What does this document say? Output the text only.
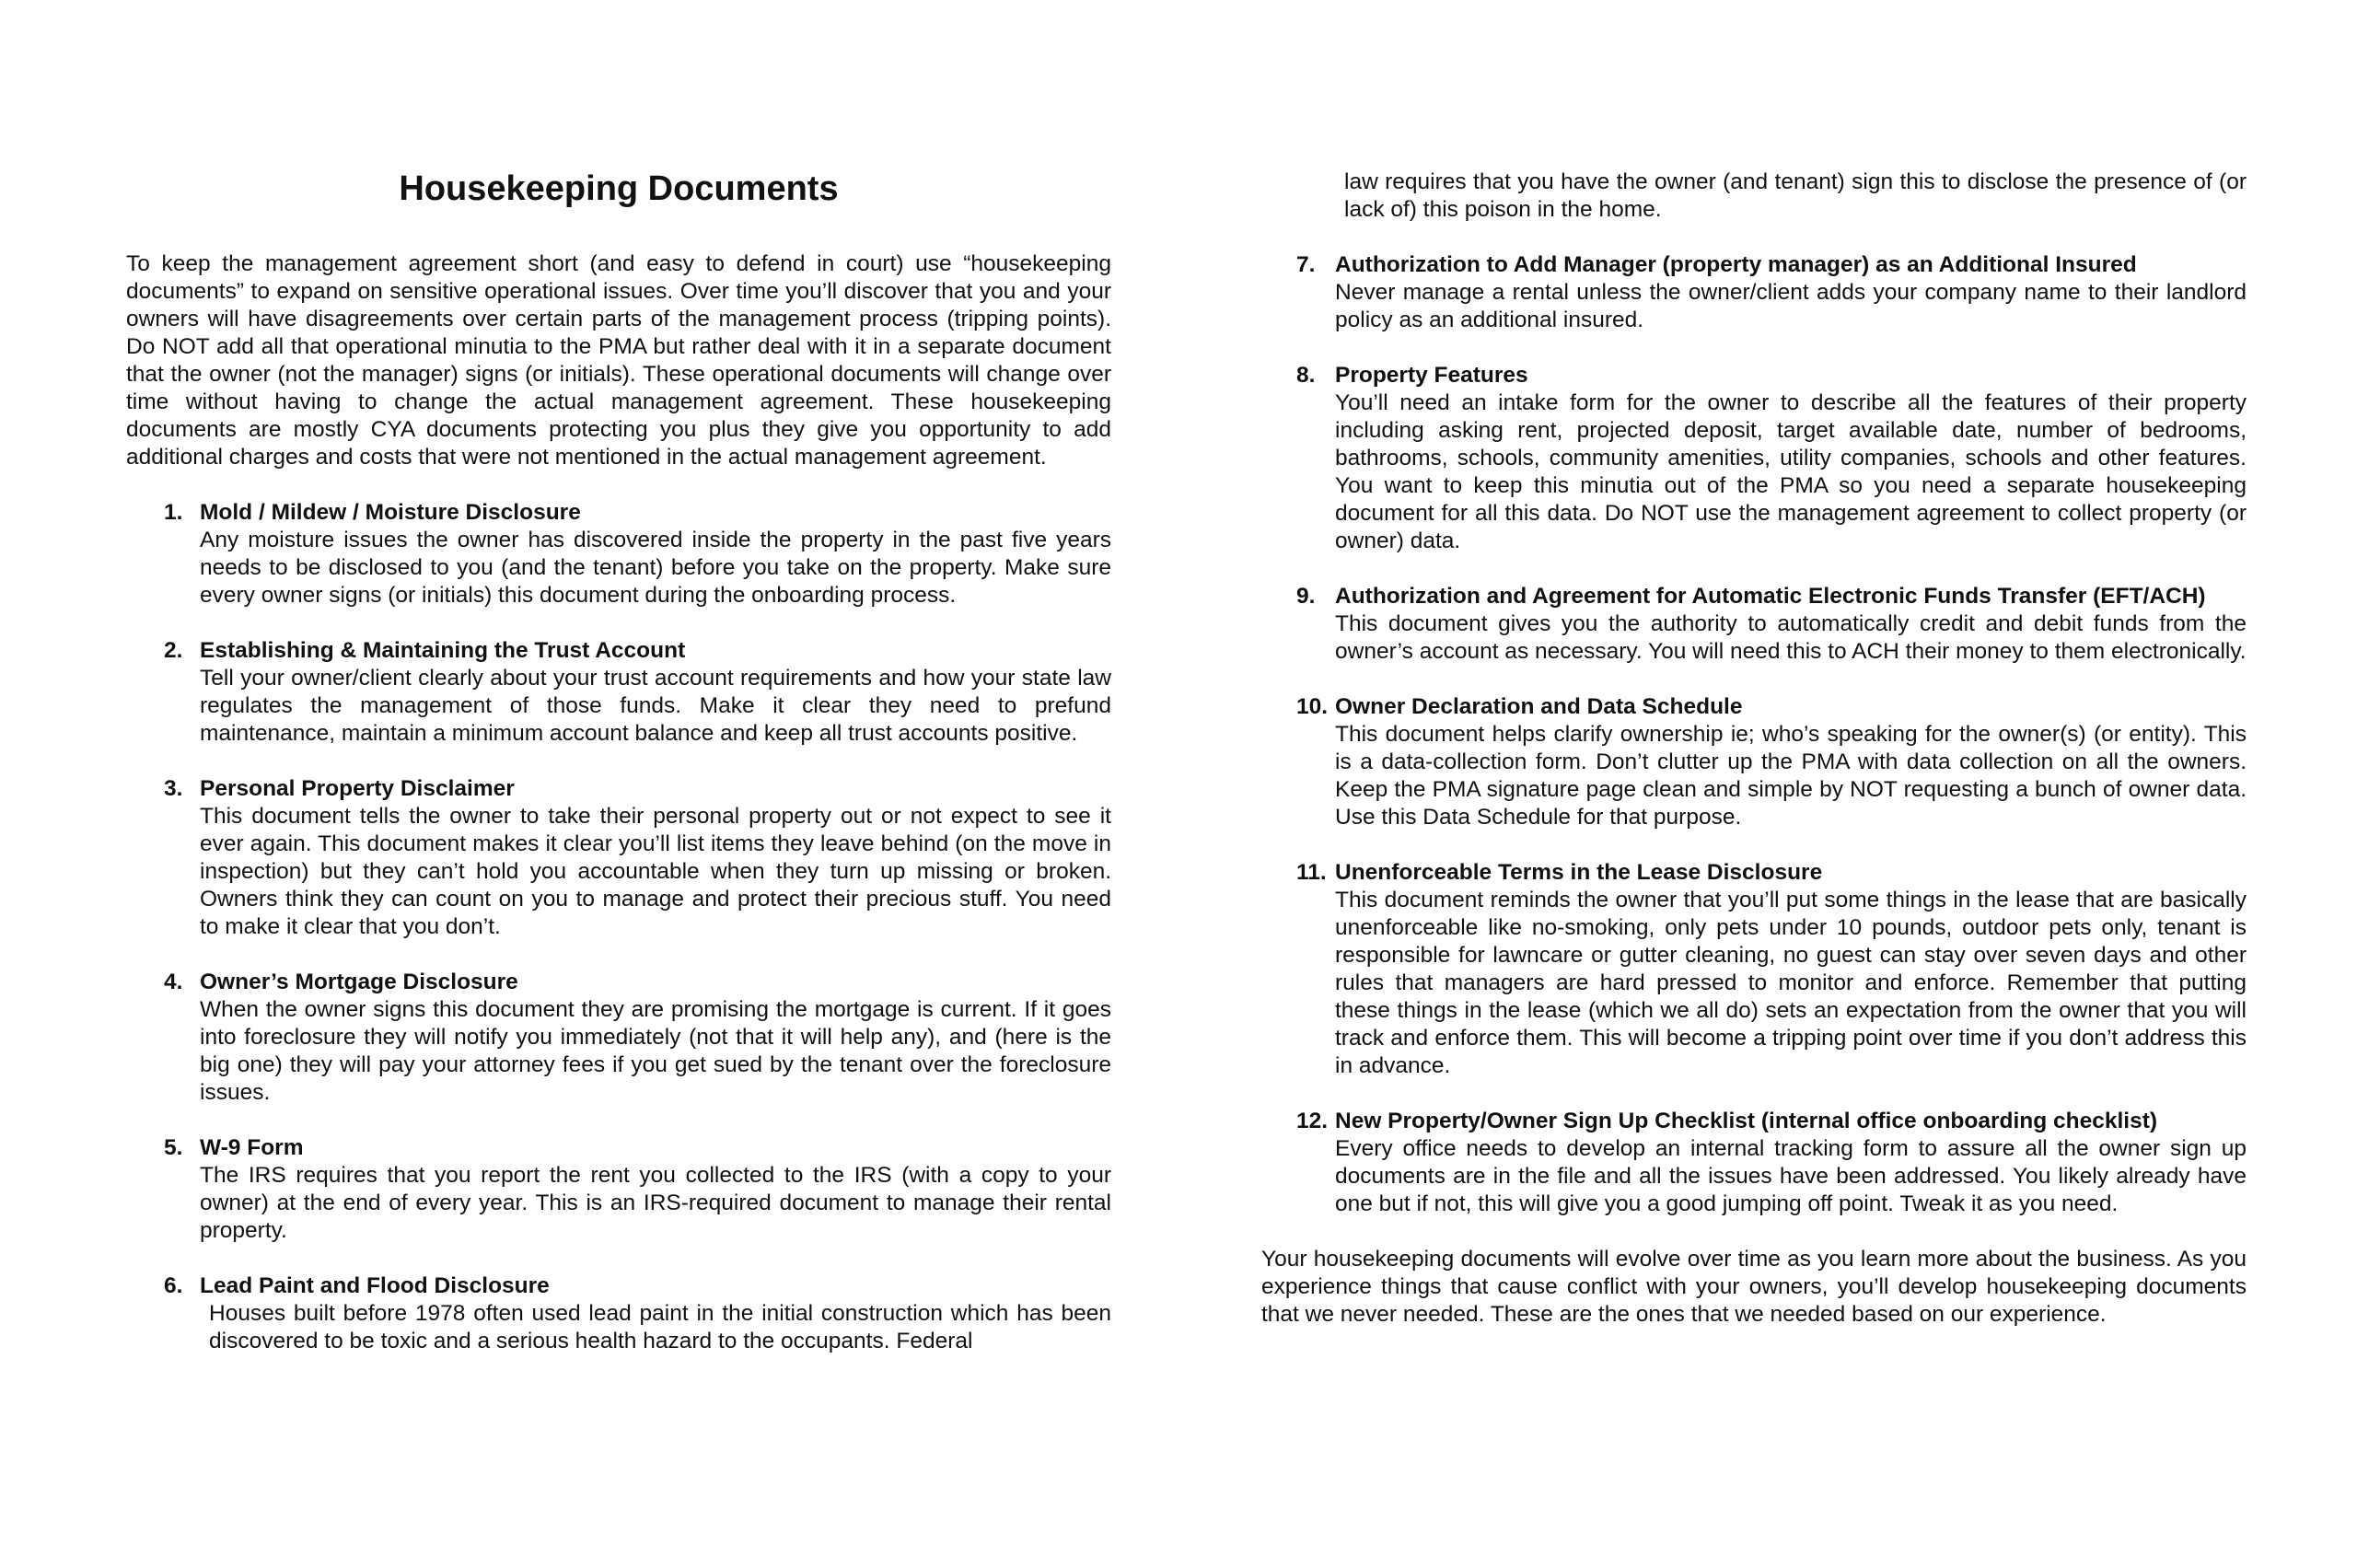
Housekeeping Documents

To keep the management agreement short (and easy to defend in court) use “housekeeping documents” to expand on sensitive operational issues. Over time you’ll discover that you and your owners will have disagreements over certain parts of the management process (tripping points). Do NOT add all that operational minutia to the PMA but rather deal with it in a separate document that the owner (not the manager) signs (or initials). These operational documents will change over time without having to change the actual management agreement. These housekeeping documents are mostly CYA documents protecting you plus they give you opportunity to add additional charges and costs that were not mentioned in the actual management agreement.

1. Mold / Mildew / Moisture Disclosure
Any moisture issues the owner has discovered inside the property in the past five years needs to be disclosed to you (and the tenant) before you take on the property. Make sure every owner signs (or initials) this document during the onboarding process.
2. Establishing & Maintaining the Trust Account
Tell your owner/client clearly about your trust account requirements and how your state law regulates the management of those funds. Make it clear they need to prefund maintenance, maintain a minimum account balance and keep all trust accounts positive.
3. Personal Property Disclaimer
This document tells the owner to take their personal property out or not expect to see it ever again. This document makes it clear you’ll list items they leave behind (on the move in inspection) but they can’t hold you accountable when they turn up missing or broken. Owners think they can count on you to manage and protect their precious stuff. You need to make it clear that you don’t.
4. Owner’s Mortgage Disclosure
When the owner signs this document they are promising the mortgage is current. If it goes into foreclosure they will notify you immediately (not that it will help any), and (here is the big one) they will pay your attorney fees if you get sued by the tenant over the foreclosure issues.
5. W-9 Form
The IRS requires that you report the rent you collected to the IRS (with a copy to your owner) at the end of every year. This is an IRS-required document to manage their rental property.
6. Lead Paint and Flood Disclosure
Houses built before 1978 often used lead paint in the initial construction which has been discovered to be toxic and a serious health hazard to the occupants. Federal

law requires that you have the owner (and tenant) sign this to disclose the presence of (or lack of) this poison in the home.

7. Authorization to Add Manager (property manager) as an Additional Insured
Never manage a rental unless the owner/client adds your company name to their landlord policy as an additional insured.
8. Property Features
You’ll need an intake form for the owner to describe all the features of their property including asking rent, projected deposit, target available date, number of bedrooms, bathrooms, schools, community amenities, utility companies, schools and other features. You want to keep this minutia out of the PMA so you need a separate housekeeping document for all this data. Do NOT use the management agreement to collect property (or owner) data.
9. Authorization and Agreement for Automatic Electronic Funds Transfer (EFT/ACH)
This document gives you the authority to automatically credit and debit funds from the owner’s account as necessary. You will need this to ACH their money to them electronically.
10. Owner Declaration and Data Schedule
This document helps clarify ownership ie; who’s speaking for the owner(s) (or entity). This is a data-collection form. Don’t clutter up the PMA with data collection on all the owners. Keep the PMA signature page clean and simple by NOT requesting a bunch of owner data. Use this Data Schedule for that purpose.
11. Unenforceable Terms in the Lease Disclosure
This document reminds the owner that you’ll put some things in the lease that are basically unenforceable like no-smoking, only pets under 10 pounds, outdoor pets only, tenant is responsible for lawncare or gutter cleaning, no guest can stay over seven days and other rules that managers are hard pressed to monitor and enforce. Remember that putting these things in the lease (which we all do) sets an expectation from the owner that you will track and enforce them. This will become a tripping point over time if you don’t address this in advance.
12. New Property/Owner Sign Up Checklist (internal office onboarding checklist)
Every office needs to develop an internal tracking form to assure all the owner sign up documents are in the file and all the issues have been addressed. You likely already have one but if not, this will give you a good jumping off point. Tweak it as you need.

Your housekeeping documents will evolve over time as you learn more about the business. As you experience things that cause conflict with your owners, you’ll develop housekeeping documents that we never needed. These are the ones that we needed based on our experience.
